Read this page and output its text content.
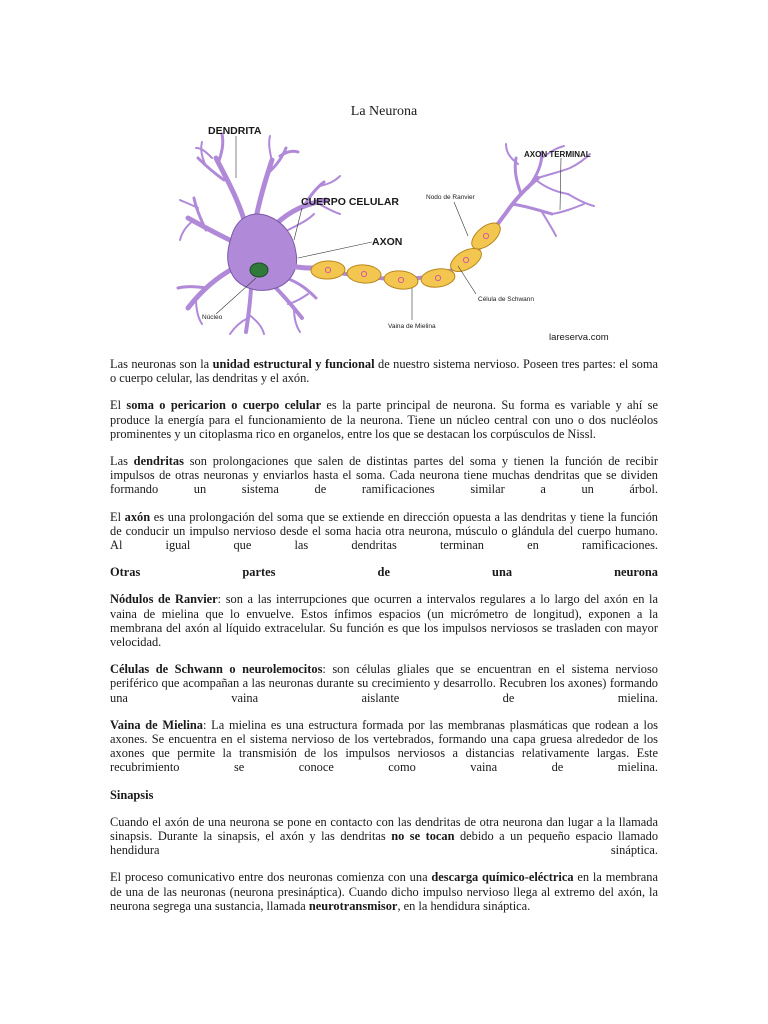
La Neurona
DENDRITA
CUERPO CELULAR
AXON
AXON TERMINAL
Nodo de Ranvier
Célula de Schwann
Vaina de Mielina
Núcleo
lareserva.com

Las neuronas son la unidad estructural y funcional de nuestro sistema nervioso. Poseen tres partes: el soma o cuerpo celular, las dendritas y el axón.

El soma o pericarion o cuerpo celular es la parte principal de neurona. Su forma es variable y ahí se produce la energía para el funcionamiento de la neurona. Tiene un núcleo central con uno o dos nucléolos prominentes y un citoplasma rico en organelos, entre los que se destacan los corpúsculos de Nissl.

Las dendritas son prolongaciones que salen de distintas partes del soma y tienen la función de recibir impulsos de otras neuronas y enviarlos hasta el soma. Cada neurona tiene muchas dendritas que se dividen formando un sistema de ramificaciones similar a un árbol.

El axón es una prolongación del soma que se extiende en dirección opuesta a las dendritas y tiene la función de conducir un impulso nervioso desde el soma hacia otra neurona, músculo o glándula del cuerpo humano. Al igual que las dendritas terminan en ramificaciones.

Otras partes de una neurona

Nódulos de Ranvier: son a las interrupciones que ocurren a intervalos regulares a lo largo del axón en la vaina de mielina que lo envuelve. Estos ínfimos espacios (un micrómetro de longitud), exponen a la membrana del axón al líquido extracelular. Su función es que los impulsos nerviosos se trasladen con mayor velocidad.

Células de Schwann o neurolemocitos: son células gliales que se encuentran en el sistema nervioso periférico que acompañan a las neuronas durante su crecimiento y desarrollo. Recubren los axones) formando una vaina aislante de mielina.

Vaina de Mielina: La mielina es una estructura formada por las membranas plasmáticas que rodean a los axones. Se encuentra en el sistema nervioso de los vertebrados, formando una capa gruesa alrededor de los axones que permite la transmisión de los impulsos nerviosos a distancias relativamente largas. Este recubrimiento se conoce como vaina de mielina.

Sinapsis

Cuando el axón de una neurona se pone en contacto con las dendritas de otra neurona dan lugar a la llamada sinapsis. Durante la sinapsis, el axón y las dendritas no se tocan debido a un pequeño espacio llamado hendidura sináptica.

El proceso comunicativo entre dos neuronas comienza con una descarga químico-eléctrica en la membrana de una de las neuronas (neurona presináptica). Cuando dicho impulso nervioso llega al extremo del axón, la neurona segrega una sustancia, llamada neurotransmisor, en la hendidura sináptica.
